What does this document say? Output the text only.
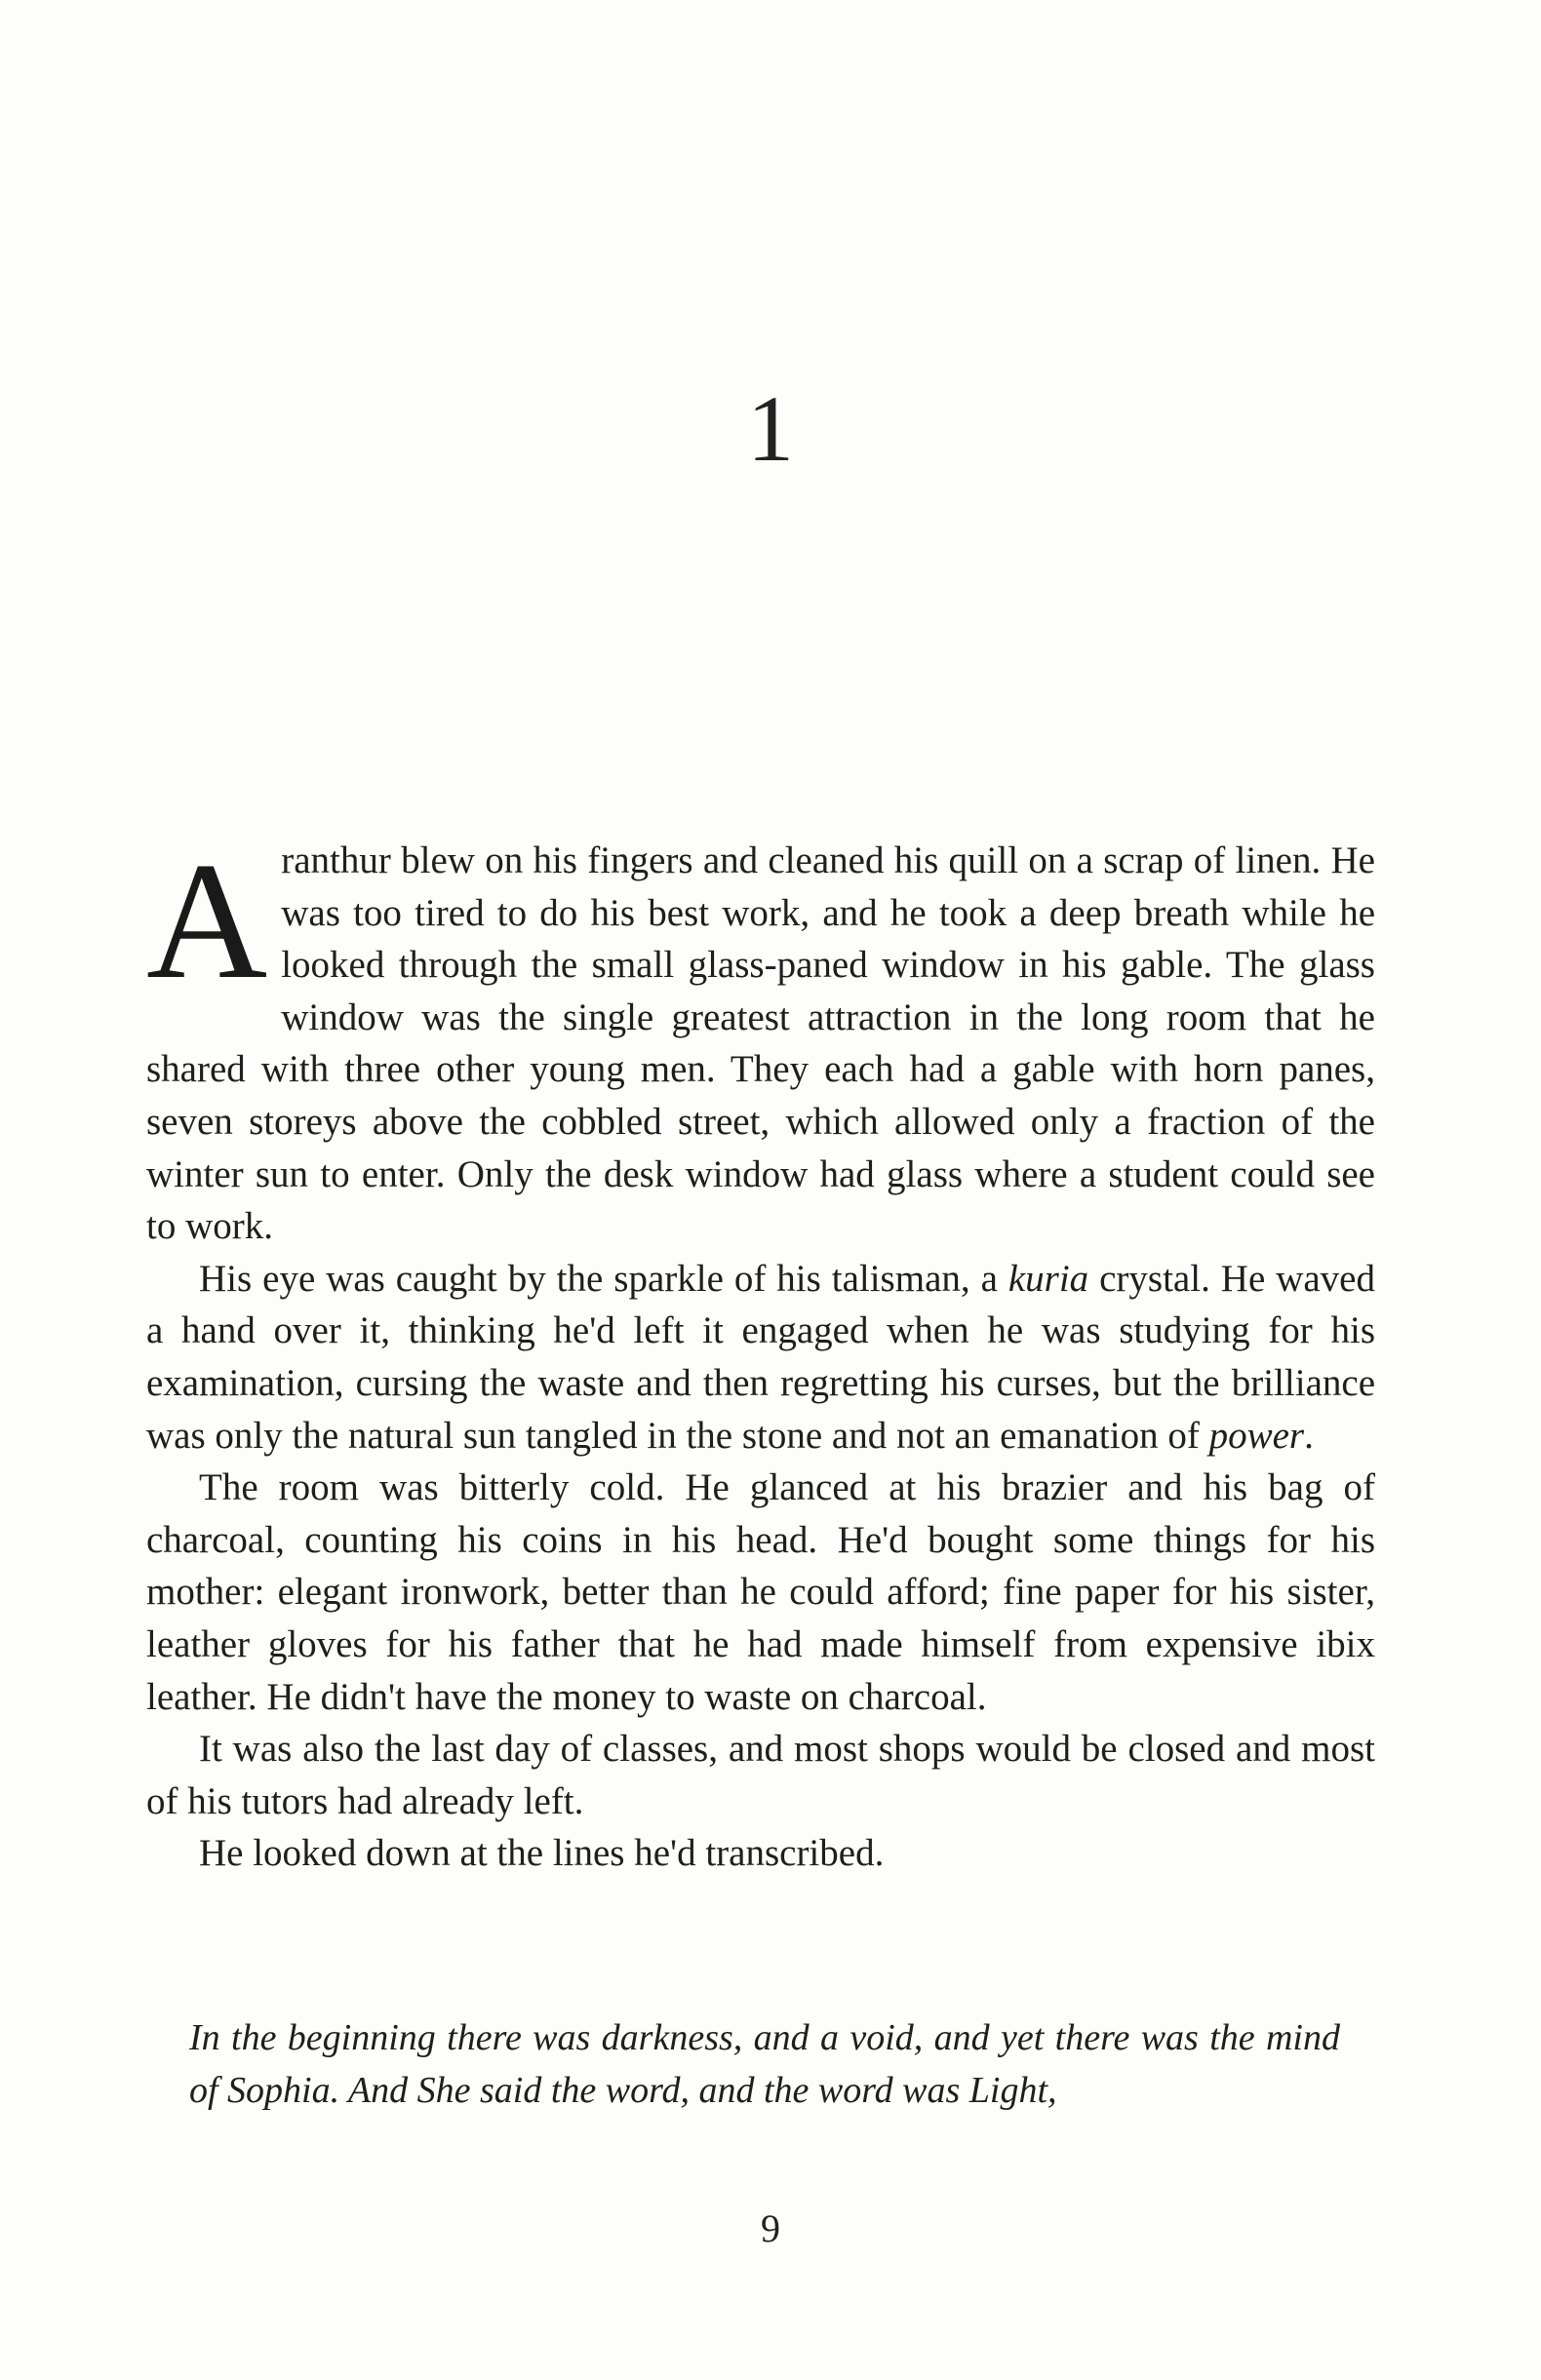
1

Aranthur blew on his fingers and cleaned his quill on a scrap of linen. He was too tired to do his best work, and he took a deep breath while he looked through the small glass-paned window in his gable. The glass window was the single greatest attraction in the long room that he shared with three other young men. They each had a gable with horn panes, seven storeys above the cobbled street, which allowed only a fraction of the winter sun to enter. Only the desk window had glass where a student could see to work.

His eye was caught by the sparkle of his talisman, a kuria crystal. He waved a hand over it, thinking he'd left it engaged when he was studying for his examination, cursing the waste and then regretting his curses, but the brilliance was only the natural sun tangled in the stone and not an emanation of power.

The room was bitterly cold. He glanced at his brazier and his bag of charcoal, counting his coins in his head. He'd bought some things for his mother: elegant ironwork, better than he could afford; fine paper for his sister, leather gloves for his father that he had made himself from expensive ibix leather. He didn't have the money to waste on charcoal.

It was also the last day of classes, and most shops would be closed and most of his tutors had already left.

He looked down at the lines he'd transcribed.

In the beginning there was darkness, and a void, and yet there was the mind of Sophia. And She said the word, and the word was Light,

9
